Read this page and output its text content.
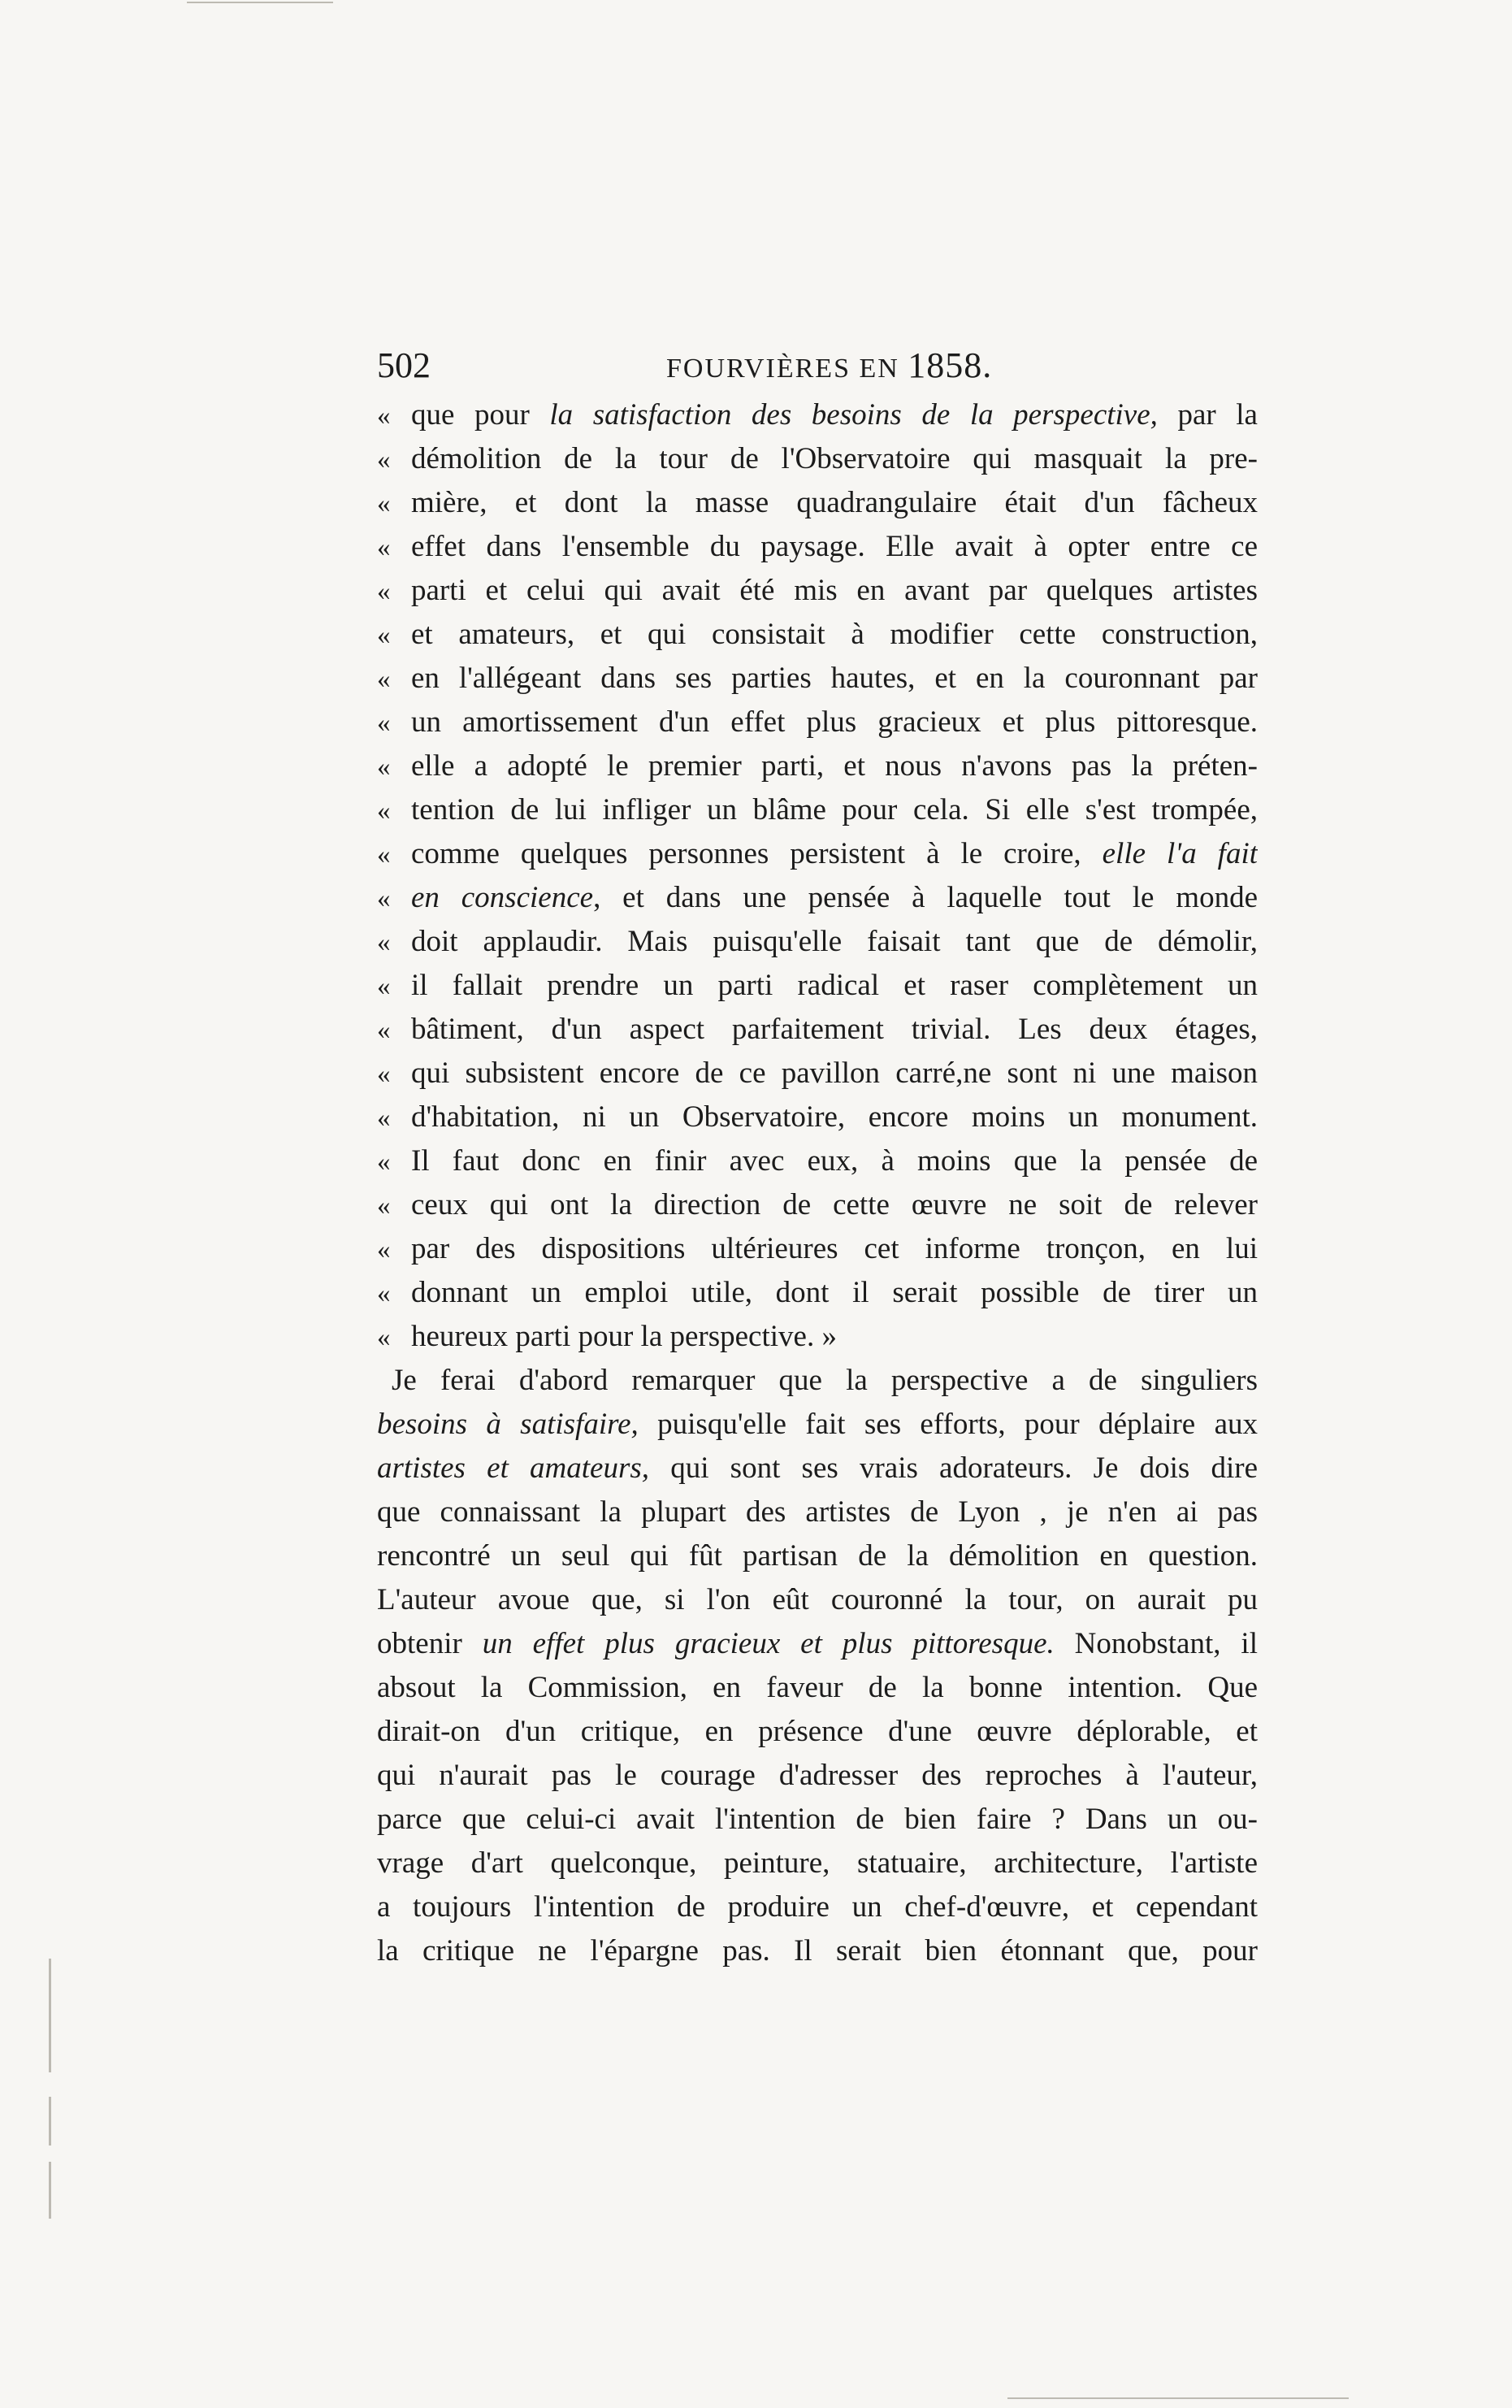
502	FOURVIÈRES EN 1858.
« que pour la satisfaction des besoins de la perspective, par la
« démolition de la tour de l'Observatoire qui masquait la pre-
« mière, et dont la masse quadrangulaire était d'un fâcheux
« effet dans l'ensemble du paysage. Elle avait à opter entre ce
« parti et celui qui avait été mis en avant par quelques artistes
« et amateurs, et qui consistait à modifier cette construction,
« en l'allégeant dans ses parties hautes, et en la couronnant par
« un amortissement d'un effet plus gracieux et plus pittoresque.
« elle a adopté le premier parti, et nous n'avons pas la préten-
« tention de lui infliger un blâme pour cela. Si elle s'est trompée,
« comme quelques personnes persistent à le croire, elle l'a fait
« en conscience, et dans une pensée à laquelle tout le monde
« doit applaudir. Mais puisqu'elle faisait tant que de démolir,
« il fallait prendre un parti radical et raser complètement un
« bâtiment, d'un aspect parfaitement trivial. Les deux étages,
« qui subsistent encore de ce pavillon carré,ne sont ni une maison
« d'habitation, ni un Observatoire, encore moins un monument.
« Il faut donc en finir avec eux, à moins que la pensée de
« ceux qui ont la direction de cette œuvre ne soit de relever
« par des dispositions ultérieures cet informe tronçon, en lui
« donnant un emploi utile, dont il serait possible de tirer un
« heureux parti pour la perspective. »
Je ferai d'abord remarquer que la perspective a de singuliers
besoins à satisfaire, puisqu'elle fait ses efforts, pour déplaire aux
artistes et amateurs, qui sont ses vrais adorateurs. Je dois dire
que connaissant la plupart des artistes de Lyon , je n'en ai pas
rencontré un seul qui fût partisan de la démolition en question.
L'auteur avoue que, si l'on eût couronné la tour, on aurait pu
obtenir un effet plus gracieux et plus pittoresque. Nonobstant, il
absout la Commission, en faveur de la bonne intention. Que
dirait-on d'un critique, en présence d'une œuvre déplorable, et
qui n'aurait pas le courage d'adresser des reproches à l'auteur,
parce que celui-ci avait l'intention de bien faire ? Dans un ou-
vrage d'art quelconque, peinture, statuaire, architecture, l'artiste
a toujours l'intention de produire un chef-d'œuvre, et cependant
la critique ne l'épargne pas. Il serait bien étonnant que, pour
